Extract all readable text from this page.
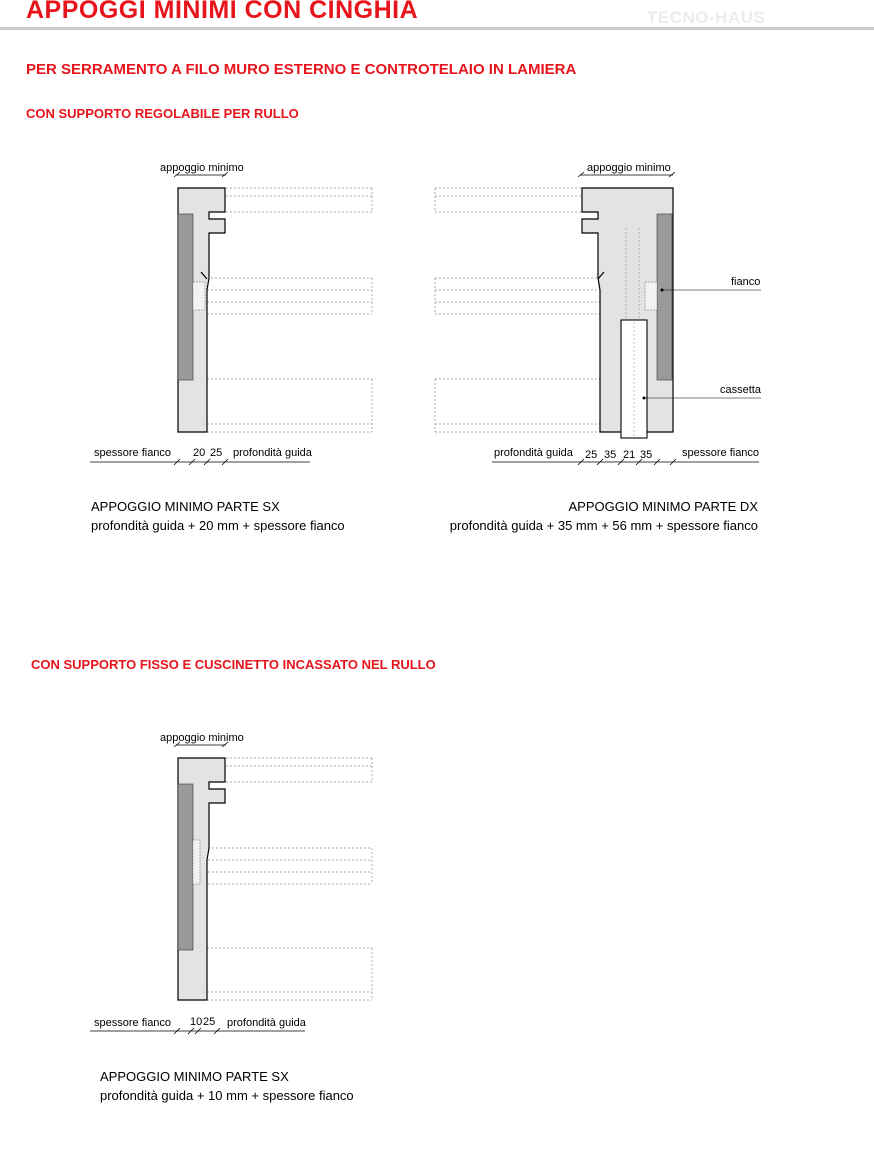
APPOGGI MINIMI CON CINGHIA	TECNO-HAUS
PER SERRAMENTO A FILO MURO ESTERNO E CONTROTELAIO IN LAMIERA
CON SUPPORTO REGOLABILE PER RULLO
CON SUPPORTO FISSO E CUSCINETTO INCASSATO NEL RULLO
appoggio minimo
spessore fianco 20 25 profondità guida
appoggio minimo
fianco
cassetta
profondità guida 25 35 21 35	spessore fianco
appoggio minimo
spessore fianco 10 25 profondità guida
APPOGGIO MINIMO PARTE SX
profondità guida + 20 mm + spessore fianco
APPOGGIO MINIMO PARTE DX
profondità guida + 35 mm + 56 mm + spessore fianco
APPOGGIO MINIMO PARTE SX
profondità guida + 10 mm + spessore fianco
